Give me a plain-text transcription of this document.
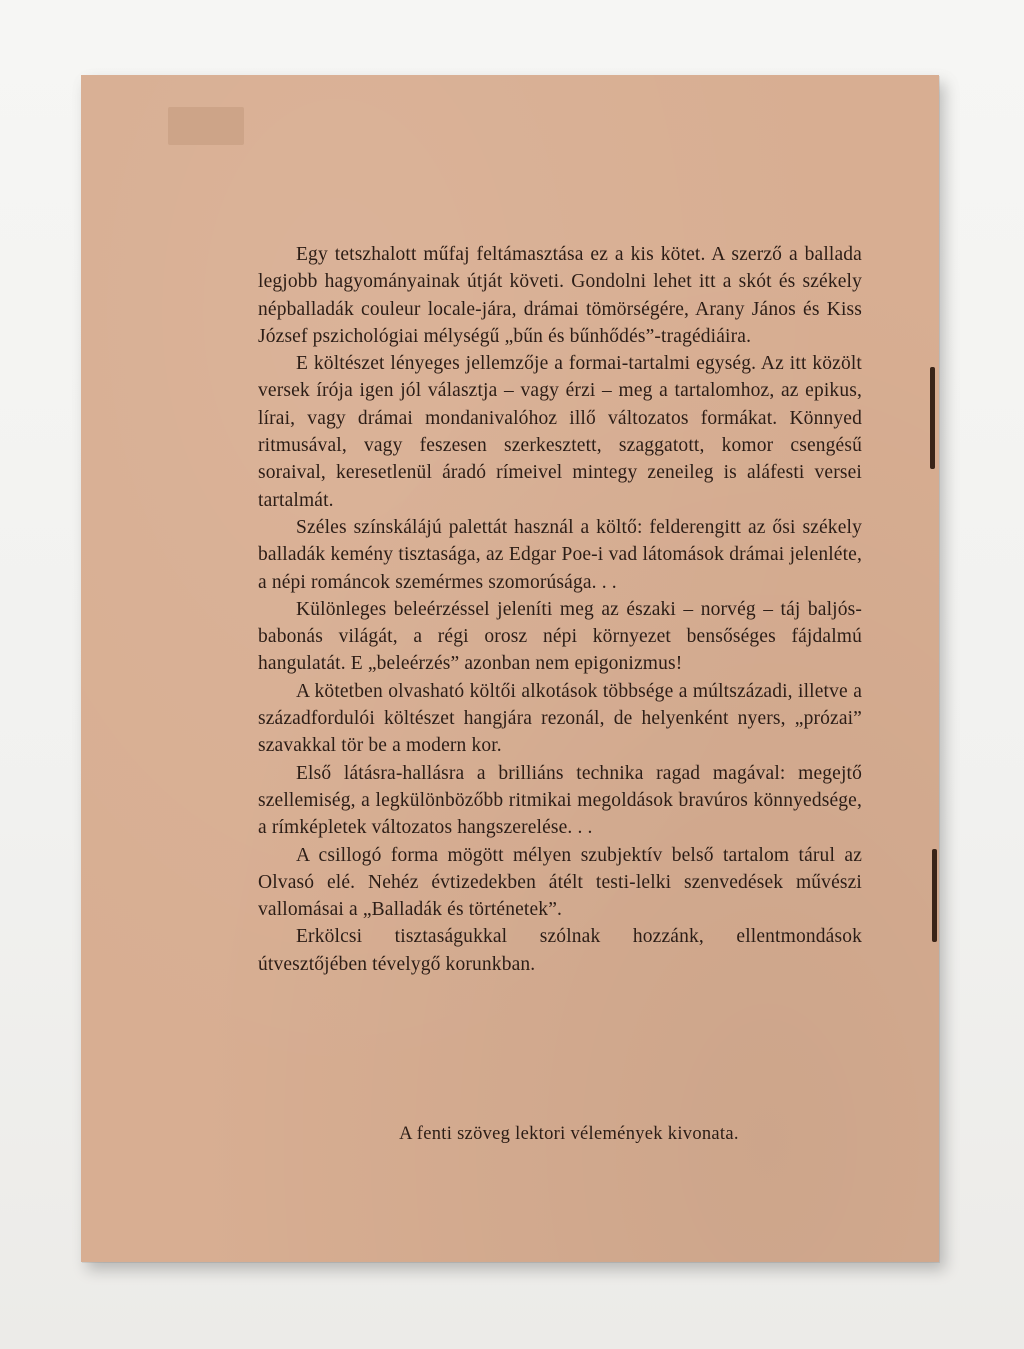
Egy tetszhalott műfaj feltámasztása ez a kis kötet. A szerző a ballada legjobb hagyományainak útját követi. Gondolni lehet itt a skót és székely népballadák couleur locale-jára, drámai tömörségére, Arany János és Kiss József pszichológiai mélységű „bűn és bűnhődés”-tragédiáira.

E költészet lényeges jellemzője a formai-tartalmi egység. Az itt közölt versek írója igen jól választja – vagy érzi – meg a tartalomhoz, az epikus, lírai, vagy drámai mondanivalóhoz illő változatos formákat. Könnyed ritmusával, vagy feszesen szerkesztett, szaggatott, komor csengésű soraival, keresetlenül áradó rímeivel mintegy zeneileg is aláfesti versei tartalmát.

Széles színskálájú palettát használ a költő: felderengitt az ősi székely balladák kemény tisztasága, az Edgar Poe-i vad látomások drámai jelenléte, a népi románcok szemérmes szomorúsága. . .

Különleges beleérzéssel jeleníti meg az északi – norvég – táj baljós-babonás világát, a régi orosz népi környezet bensőséges fájdalmú hangulatát. E „beleérzés” azonban nem epigonizmus!

A kötetben olvasható költői alkotások többsége a múltszázadi, illetve a századfordulói költészet hangjára rezonál, de helyenként nyers, „prózai” szavakkal tör be a modern kor.

Első látásra-hallásra a brilliáns technika ragad magával: megejtő szellemiség, a legkülönbözőbb ritmikai megoldások bravúros könnyedsége, a rímképletek változatos hangszerelése. . .

A csillogó forma mögött mélyen szubjektív belső tartalom tárul az Olvasó elé. Nehéz évtizedekben átélt testi-lelki szenvedések művészi vallomásai a „Balladák és történetek”.

Erkölcsi tisztaságukkal szólnak hozzánk, ellentmondások útvesztőjében tévelygő korunkban.

A fenti szöveg lektori vélemények kivonata.
